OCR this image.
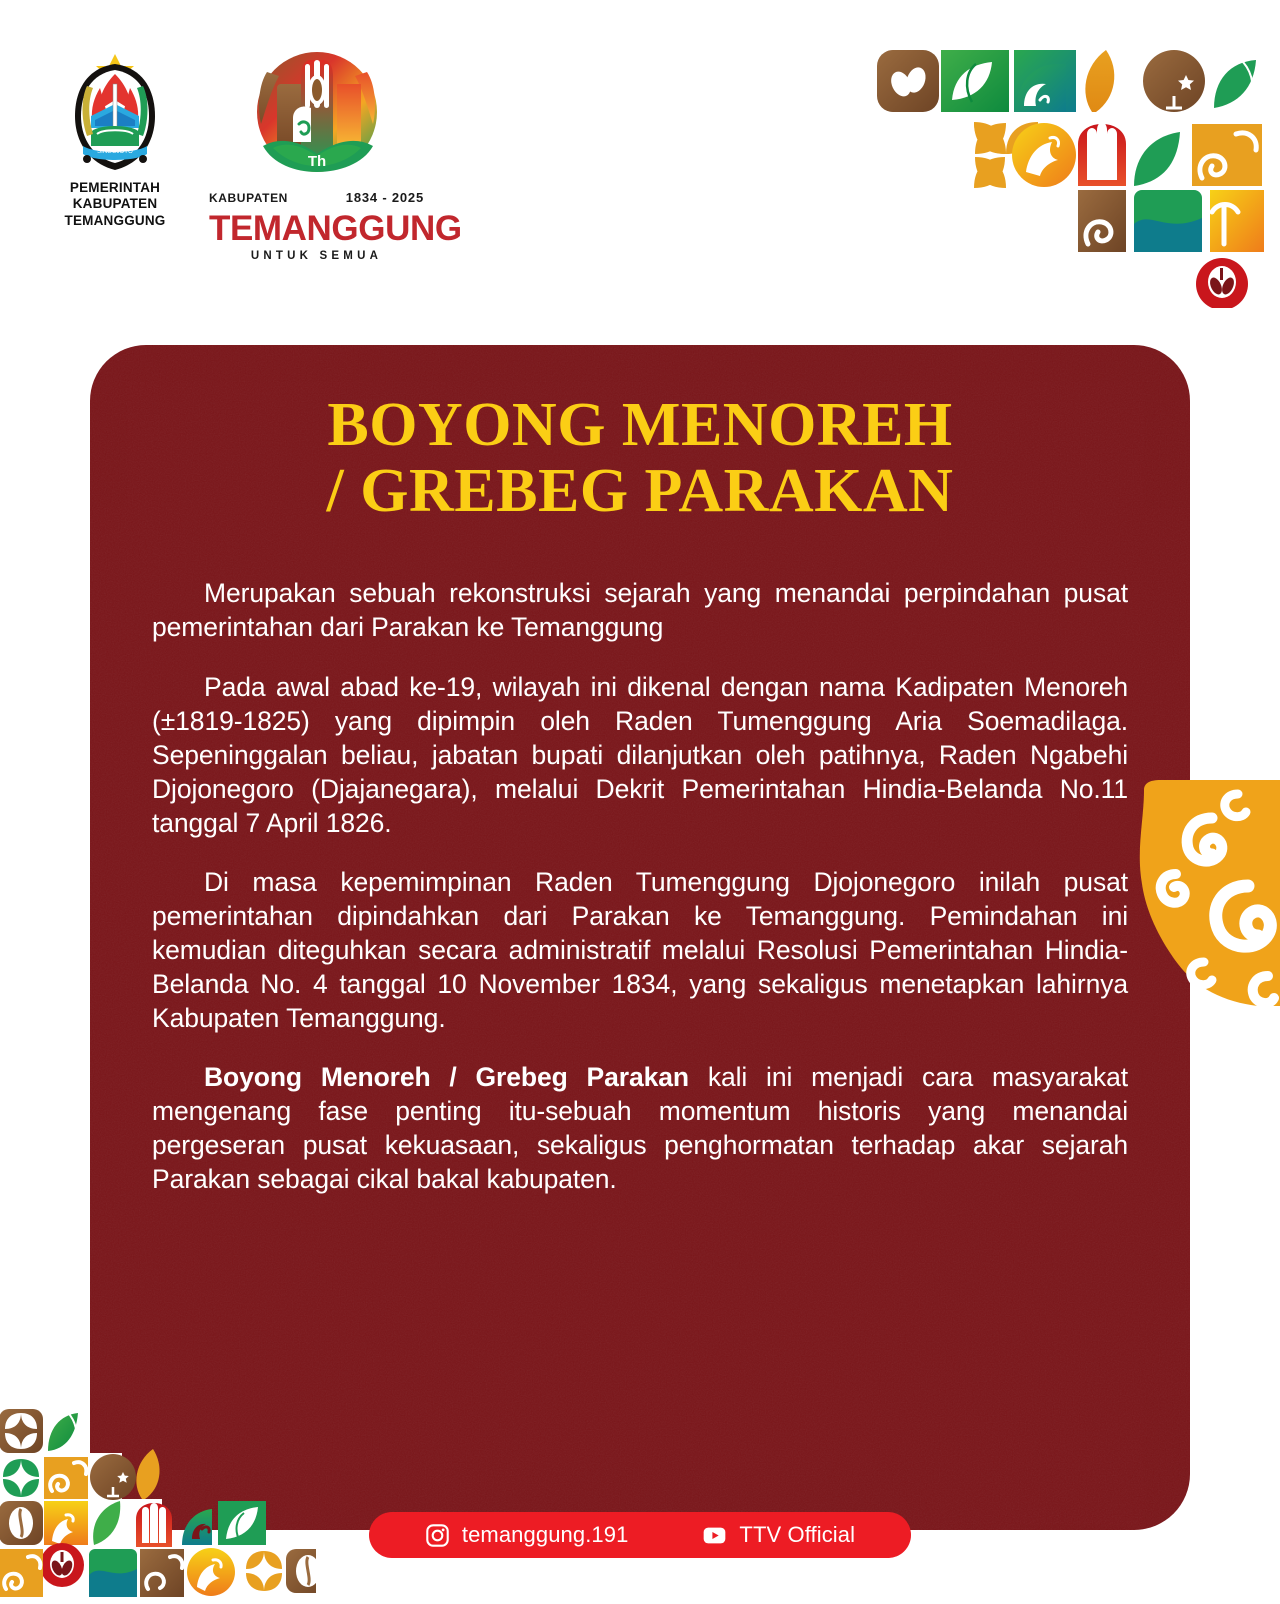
SINGOJOYO
PEMERINTAH
KABUPATEN
TEMANGGUNG
Th
KABUPATEN	1834 - 2025
TEMANGGUNG
UNTUK SEMUA
BOYONG MENOREH
/ GREBEG PARAKAN

Merupakan sebuah rekonstruksi sejarah yang menandai perpindahan pusat pemerintahan dari Parakan ke Temanggung

Pada awal abad ke-19, wilayah ini dikenal dengan nama Kadipaten Menoreh (±1819-1825) yang dipimpin oleh Raden Tumenggung Aria Soemadilaga. Sepeninggalan beliau, jabatan bupati dilanjutkan oleh patihnya, Raden Ngabehi Djojonegoro (Djajanegara), melalui Dekrit Pemerintahan Hindia-Belanda No.11 tanggal 7 April 1826.

Di masa kepemimpinan Raden Tumenggung Djojonegoro inilah pusat pemerintahan dipindahkan dari Parakan ke Temanggung. Pemindahan ini kemudian diteguhkan secara administratif melalui Resolusi Pemerintahan Hindia-Belanda No. 4 tanggal 10 November 1834, yang sekaligus menetapkan lahirnya Kabupaten Temanggung.

Boyong Menoreh / Grebeg Parakan kali ini menjadi cara masyarakat mengenang fase penting itu-sebuah momentum historis yang menandai pergeseran pusat kekuasaan, sekaligus penghormatan terhadap akar sejarah Parakan sebagai cikal bakal kabupaten.

temanggung.191	TTV Official
